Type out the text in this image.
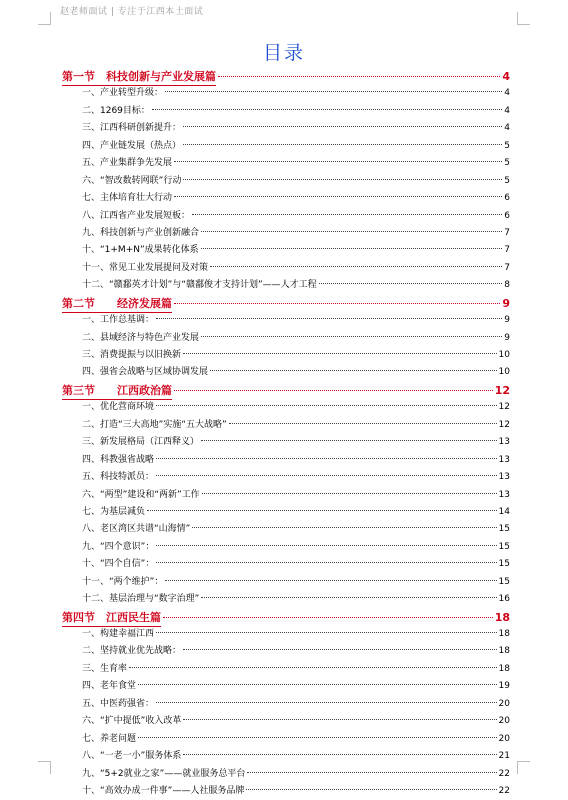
赵老师面试 | 专注于江西本土面试
目录
第一节　科技创新与产业发展篇	4
一、产业转型升级：	4
二、1269目标：	4
三、江西科研创新提升：	4
四、产业链发展（热点）	5
五、产业集群争先发展	5
六、“智改数转网联”行动	5
七、主体培育壮大行动	6
八、江西省产业发展短板：	6
九、科技创新与产业创新融合	7
十、“1+M+N”成果转化体系	7
十一、常见工业发展提问及对策	7
十二、“赣鄱英才计划”与“赣鄱俊才支持计划”——人才工程	8
第二节　　经济发展篇	9
一、工作总基调：	9
二、县域经济与特色产业发展	9
三、消费提振与以旧换新	10
四、强省会战略与区域协调发展	10
第三节　　江西政治篇	12
一、优化营商环境	12
二、打造“三大高地”实施“五大战略”	12
三、新发展格局（江西释义）	13
四、科教强省战略	13
五、科技特派员：	13
六、“两型”建设和“两新”工作	13
七、为基层减负	14
八、老区湾区共谱“山海情”	15
九、“四个意识”：	15
十、“四个自信”：	15
十一、“两个维护”：	15
十二、基层治理与“数字治理”	16
第四节　江西民生篇	18
一、构建幸福江西	18
二、坚持就业优先战略：	18
三、生育率	18
四、老年食堂	19
五、中医药强省：	20
六、“扩中提低”收入改革	20
七、养老问题	20
八、“一老一小”服务体系	21
九、“5+2就业之家”——就业服务总平台	22
十、“高效办成一件事”——人社服务品牌	22
